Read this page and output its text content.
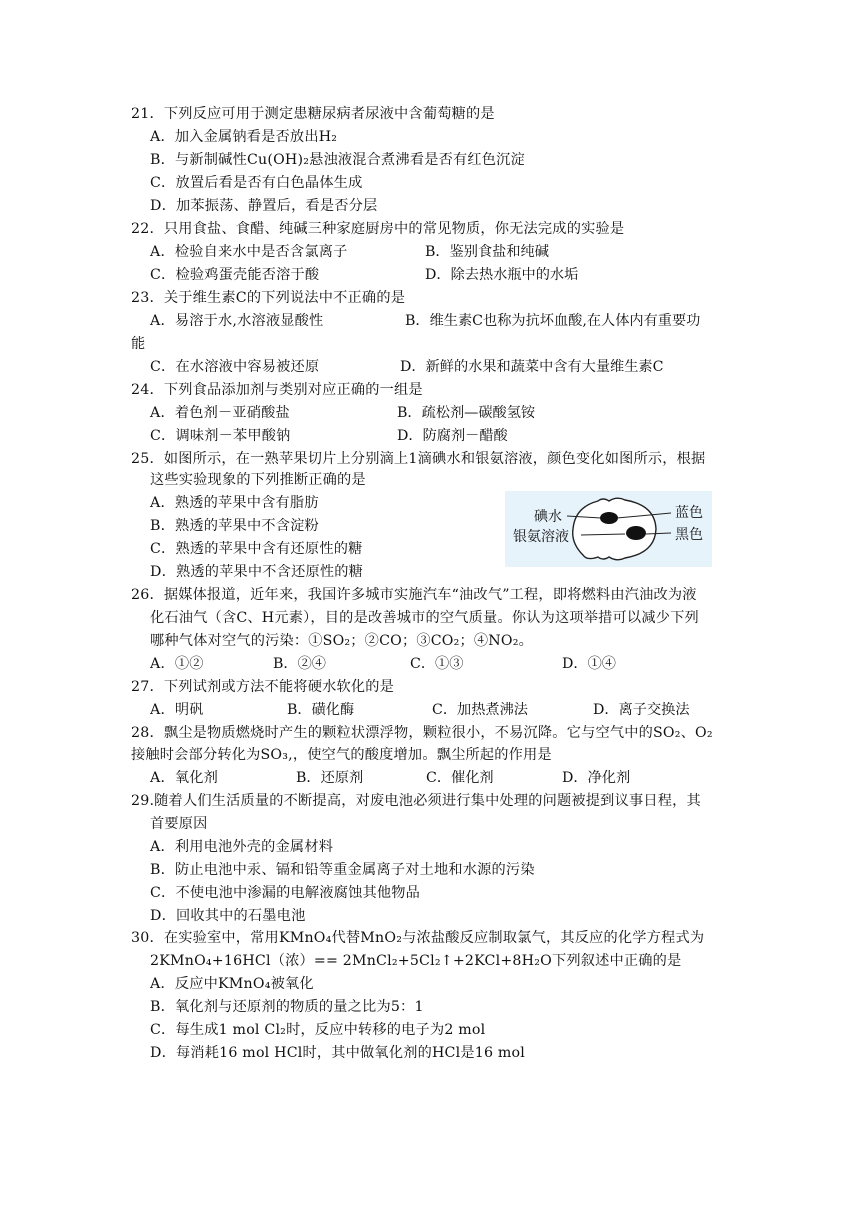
21．下列反应可用于测定患糖尿病者尿液中含葡萄糖的是
A．加入金属钠看是否放出H₂
B．与新制碱性Cu(OH)₂悬浊液混合煮沸看是否有红色沉淀
C．放置后看是否有白色晶体生成
D．加苯振荡、静置后，看是否分层
22．只用食盐、食醋、纯碱三种家庭厨房中的常见物质，你无法完成的实验是
A．检验自来水中是否含氯离子	B．鉴别食盐和纯碱
C．检验鸡蛋壳能否溶于酸	D．除去热水瓶中的水垢
23．关于维生素C的下列说法中不正确的是
A．易溶于水,水溶液显酸性	B．维生素C也称为抗坏血酸,在人体内有重要功
能
C．在水溶液中容易被还原	D．新鲜的水果和蔬菜中含有大量维生素C
24．下列食品添加剂与类别对应正确的一组是
A．着色剂－亚硝酸盐	B．疏松剂—碳酸氢铵
C．调味剂－苯甲酸钠	D．防腐剂－醋酸
25．如图所示，在一熟苹果切片上分别滴上1滴碘水和银氨溶液，颜色变化如图所示，根据
这些实验现象的下列推断正确的是
A．熟透的苹果中含有脂肪
B．熟透的苹果中不含淀粉
C．熟透的苹果中含有还原性的糖
D．熟透的苹果中不含还原性的糖
碘水
银氨溶液
蓝色
黑色
26．据媒体报道，近年来，我国许多城市实施汽车“油改气”工程，即将燃料由汽油改为液
化石油气（含C、H元素），目的是改善城市的空气质量。你认为这项举措可以减少下列
哪种气体对空气的污染：①SO₂；②CO；③CO₂；④NO₂。
A．①②	B．②④	C．①③	D．①④
27．下列试剂或方法不能将硬水软化的是
A．明矾	B．磺化酶	C．加热煮沸法	D．离子交换法
28．飘尘是物质燃烧时产生的颗粒状漂浮物，颗粒很小，不易沉降。它与空气中的SO₂、O₂
接触时会部分转化为SO₃,，使空气的酸度增加。飘尘所起的作用是
A．氧化剂	B．还原剂	C．催化剂	D．净化剂
29.随着人们生活质量的不断提高，对废电池必须进行集中处理的问题被提到议事日程，其
首要原因
A．利用电池外壳的金属材料
B．防止电池中汞、镉和铅等重金属离子对土地和水源的污染
C．不使电池中渗漏的电解液腐蚀其他物品
D．回收其中的石墨电池
30．在实验室中，常用KMnO₄代替MnO₂与浓盐酸反应制取氯气，其反应的化学方程式为
2KMnO₄+16HCl（浓）== 2MnCl₂+5Cl₂↑+2KCl+8H₂O下列叙述中正确的是
A．反应中KMnO₄被氧化
B．氧化剂与还原剂的物质的量之比为5：1
C．每生成1 mol Cl₂时，反应中转移的电子为2 mol
D．每消耗16 mol HCl时，其中做氧化剂的HCl是16 mol
